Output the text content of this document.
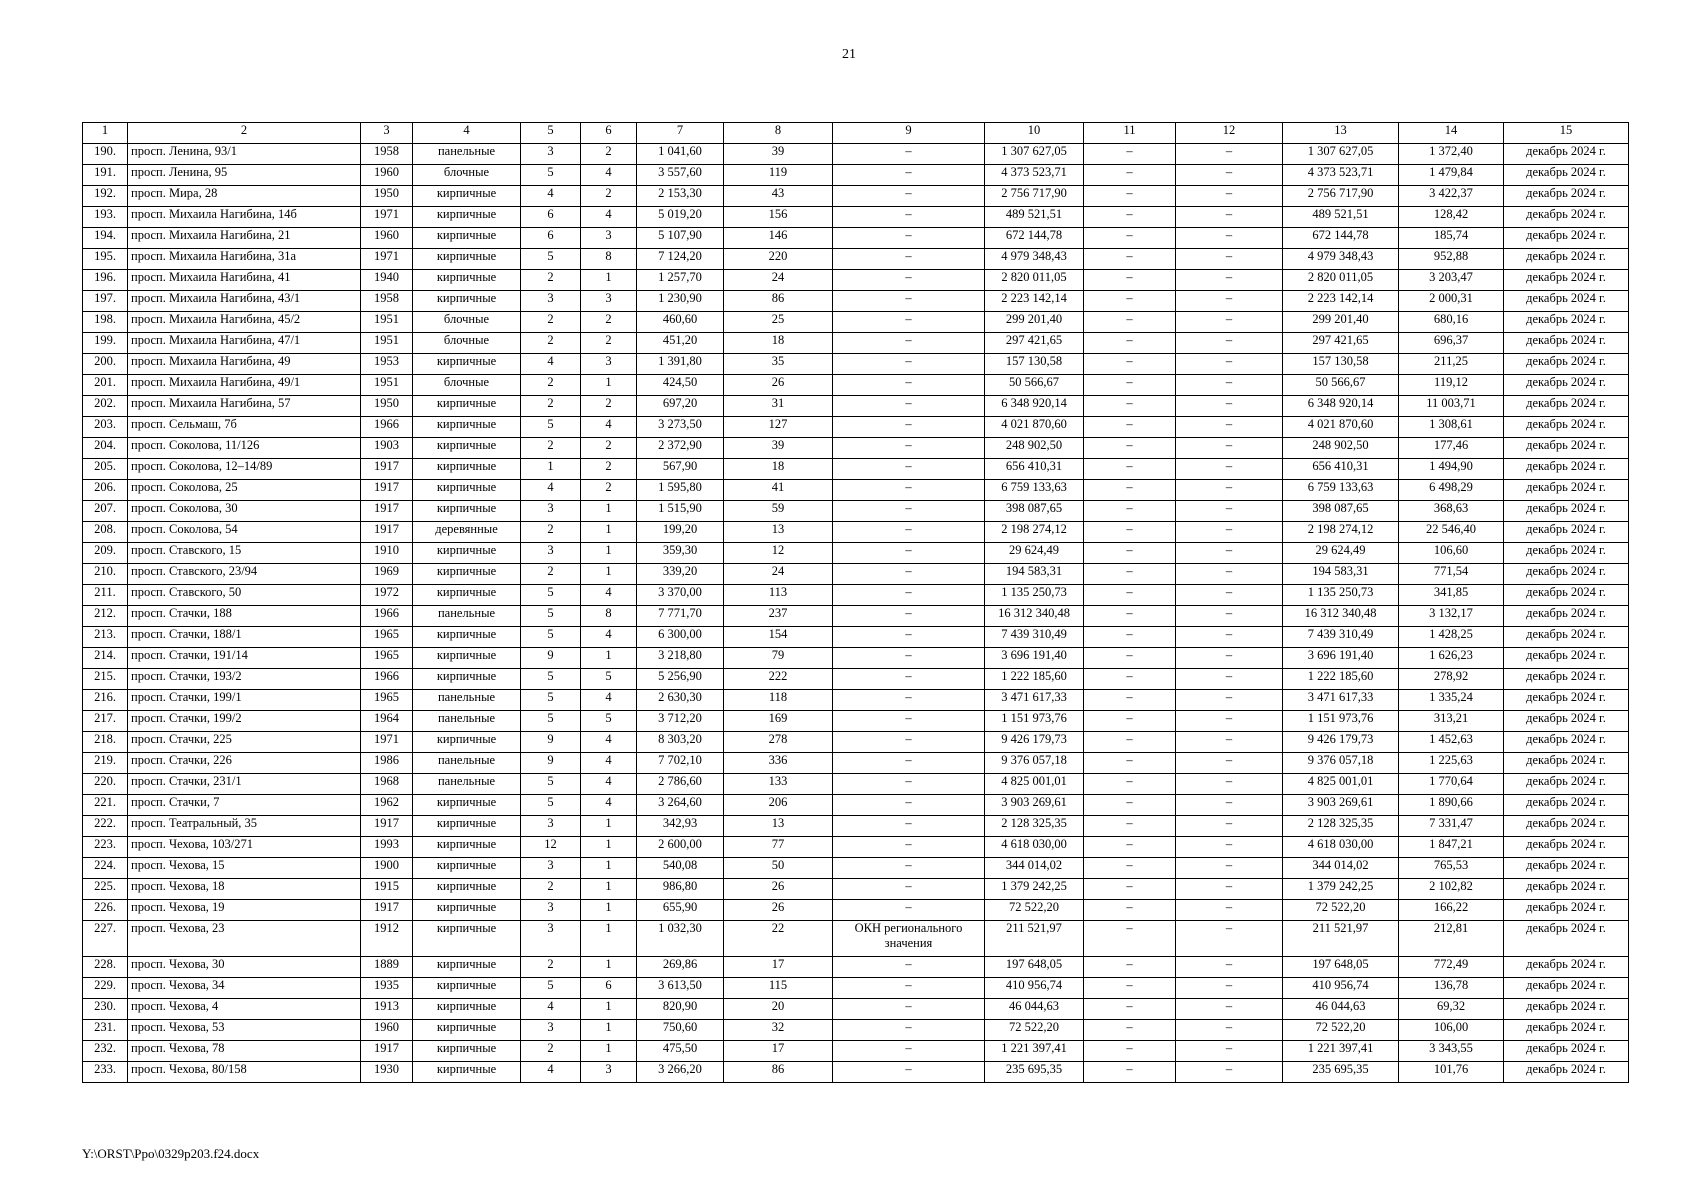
21
1	2	3	4	5	6	7	8	9	10	11	12	13	14	15
190.	просп. Ленина, 93/1	1958	панельные	3	2	1 041,60	39	–	1 307 627,05	–	–	1 307 627,05	1 372,40	декабрь 2024 г.
191.	просп. Ленина, 95	1960	блочные	5	4	3 557,60	119	–	4 373 523,71	–	–	4 373 523,71	1 479,84	декабрь 2024 г.
192.	просп. Мира, 28	1950	кирпичные	4	2	2 153,30	43	–	2 756 717,90	–	–	2 756 717,90	3 422,37	декабрь 2024 г.
193.	просп. Михаила Нагибина, 14б	1971	кирпичные	6	4	5 019,20	156	–	489 521,51	–	–	489 521,51	128,42	декабрь 2024 г.
194.	просп. Михаила Нагибина, 21	1960	кирпичные	6	3	5 107,90	146	–	672 144,78	–	–	672 144,78	185,74	декабрь 2024 г.
195.	просп. Михаила Нагибина, 31а	1971	кирпичные	5	8	7 124,20	220	–	4 979 348,43	–	–	4 979 348,43	952,88	декабрь 2024 г.
196.	просп. Михаила Нагибина, 41	1940	кирпичные	2	1	1 257,70	24	–	2 820 011,05	–	–	2 820 011,05	3 203,47	декабрь 2024 г.
197.	просп. Михаила Нагибина, 43/1	1958	кирпичные	3	3	1 230,90	86	–	2 223 142,14	–	–	2 223 142,14	2 000,31	декабрь 2024 г.
198.	просп. Михаила Нагибина, 45/2	1951	блочные	2	2	460,60	25	–	299 201,40	–	–	299 201,40	680,16	декабрь 2024 г.
199.	просп. Михаила Нагибина, 47/1	1951	блочные	2	2	451,20	18	–	297 421,65	–	–	297 421,65	696,37	декабрь 2024 г.
200.	просп. Михаила Нагибина, 49	1953	кирпичные	4	3	1 391,80	35	–	157 130,58	–	–	157 130,58	211,25	декабрь 2024 г.
201.	просп. Михаила Нагибина, 49/1	1951	блочные	2	1	424,50	26	–	50 566,67	–	–	50 566,67	119,12	декабрь 2024 г.
202.	просп. Михаила Нагибина, 57	1950	кирпичные	2	2	697,20	31	–	6 348 920,14	–	–	6 348 920,14	11 003,71	декабрь 2024 г.
203.	просп. Сельмаш, 7б	1966	кирпичные	5	4	3 273,50	127	–	4 021 870,60	–	–	4 021 870,60	1 308,61	декабрь 2024 г.
204.	просп. Соколова, 11/126	1903	кирпичные	2	2	2 372,90	39	–	248 902,50	–	–	248 902,50	177,46	декабрь 2024 г.
205.	просп. Соколова, 12–14/89	1917	кирпичные	1	2	567,90	18	–	656 410,31	–	–	656 410,31	1 494,90	декабрь 2024 г.
206.	просп. Соколова, 25	1917	кирпичные	4	2	1 595,80	41	–	6 759 133,63	–	–	6 759 133,63	6 498,29	декабрь 2024 г.
207.	просп. Соколова, 30	1917	кирпичные	3	1	1 515,90	59	–	398 087,65	–	–	398 087,65	368,63	декабрь 2024 г.
208.	просп. Соколова, 54	1917	деревянные	2	1	199,20	13	–	2 198 274,12	–	–	2 198 274,12	22 546,40	декабрь 2024 г.
209.	просп. Ставского, 15	1910	кирпичные	3	1	359,30	12	–	29 624,49	–	–	29 624,49	106,60	декабрь 2024 г.
210.	просп. Ставского, 23/94	1969	кирпичные	2	1	339,20	24	–	194 583,31	–	–	194 583,31	771,54	декабрь 2024 г.
211.	просп. Ставского, 50	1972	кирпичные	5	4	3 370,00	113	–	1 135 250,73	–	–	1 135 250,73	341,85	декабрь 2024 г.
212.	просп. Стачки, 188	1966	панельные	5	8	7 771,70	237	–	16 312 340,48	–	–	16 312 340,48	3 132,17	декабрь 2024 г.
213.	просп. Стачки, 188/1	1965	кирпичные	5	4	6 300,00	154	–	7 439 310,49	–	–	7 439 310,49	1 428,25	декабрь 2024 г.
214.	просп. Стачки, 191/14	1965	кирпичные	9	1	3 218,80	79	–	3 696 191,40	–	–	3 696 191,40	1 626,23	декабрь 2024 г.
215.	просп. Стачки, 193/2	1966	кирпичные	5	5	5 256,90	222	–	1 222 185,60	–	–	1 222 185,60	278,92	декабрь 2024 г.
216.	просп. Стачки, 199/1	1965	панельные	5	4	2 630,30	118	–	3 471 617,33	–	–	3 471 617,33	1 335,24	декабрь 2024 г.
217.	просп. Стачки, 199/2	1964	панельные	5	5	3 712,20	169	–	1 151 973,76	–	–	1 151 973,76	313,21	декабрь 2024 г.
218.	просп. Стачки, 225	1971	кирпичные	9	4	8 303,20	278	–	9 426 179,73	–	–	9 426 179,73	1 452,63	декабрь 2024 г.
219.	просп. Стачки, 226	1986	панельные	9	4	7 702,10	336	–	9 376 057,18	–	–	9 376 057,18	1 225,63	декабрь 2024 г.
220.	просп. Стачки, 231/1	1968	панельные	5	4	2 786,60	133	–	4 825 001,01	–	–	4 825 001,01	1 770,64	декабрь 2024 г.
221.	просп. Стачки, 7	1962	кирпичные	5	4	3 264,60	206	–	3 903 269,61	–	–	3 903 269,61	1 890,66	декабрь 2024 г.
222.	просп. Театральный, 35	1917	кирпичные	3	1	342,93	13	–	2 128 325,35	–	–	2 128 325,35	7 331,47	декабрь 2024 г.
223.	просп. Чехова, 103/271	1993	кирпичные	12	1	2 600,00	77	–	4 618 030,00	–	–	4 618 030,00	1 847,21	декабрь 2024 г.
224.	просп. Чехова, 15	1900	кирпичные	3	1	540,08	50	–	344 014,02	–	–	344 014,02	765,53	декабрь 2024 г.
225.	просп. Чехова, 18	1915	кирпичные	2	1	986,80	26	–	1 379 242,25	–	–	1 379 242,25	2 102,82	декабрь 2024 г.
226.	просп. Чехова, 19	1917	кирпичные	3	1	655,90	26	–	72 522,20	–	–	72 522,20	166,22	декабрь 2024 г.
227.	просп. Чехова, 23	1912	кирпичные	3	1	1 032,30	22	ОКН регионального значения	211 521,97	–	–	211 521,97	212,81	декабрь 2024 г.
228.	просп. Чехова, 30	1889	кирпичные	2	1	269,86	17	–	197 648,05	–	–	197 648,05	772,49	декабрь 2024 г.
229.	просп. Чехова, 34	1935	кирпичные	5	6	3 613,50	115	–	410 956,74	–	–	410 956,74	136,78	декабрь 2024 г.
230.	просп. Чехова, 4	1913	кирпичные	4	1	820,90	20	–	46 044,63	–	–	46 044,63	69,32	декабрь 2024 г.
231.	просп. Чехова, 53	1960	кирпичные	3	1	750,60	32	–	72 522,20	–	–	72 522,20	106,00	декабрь 2024 г.
232.	просп. Чехова, 78	1917	кирпичные	2	1	475,50	17	–	1 221 397,41	–	–	1 221 397,41	3 343,55	декабрь 2024 г.
233.	просп. Чехова, 80/158	1930	кирпичные	4	3	3 266,20	86	–	235 695,35	–	–	235 695,35	101,76	декабрь 2024 г.
Y:\ORST\Ppo\0329p203.f24.docx
